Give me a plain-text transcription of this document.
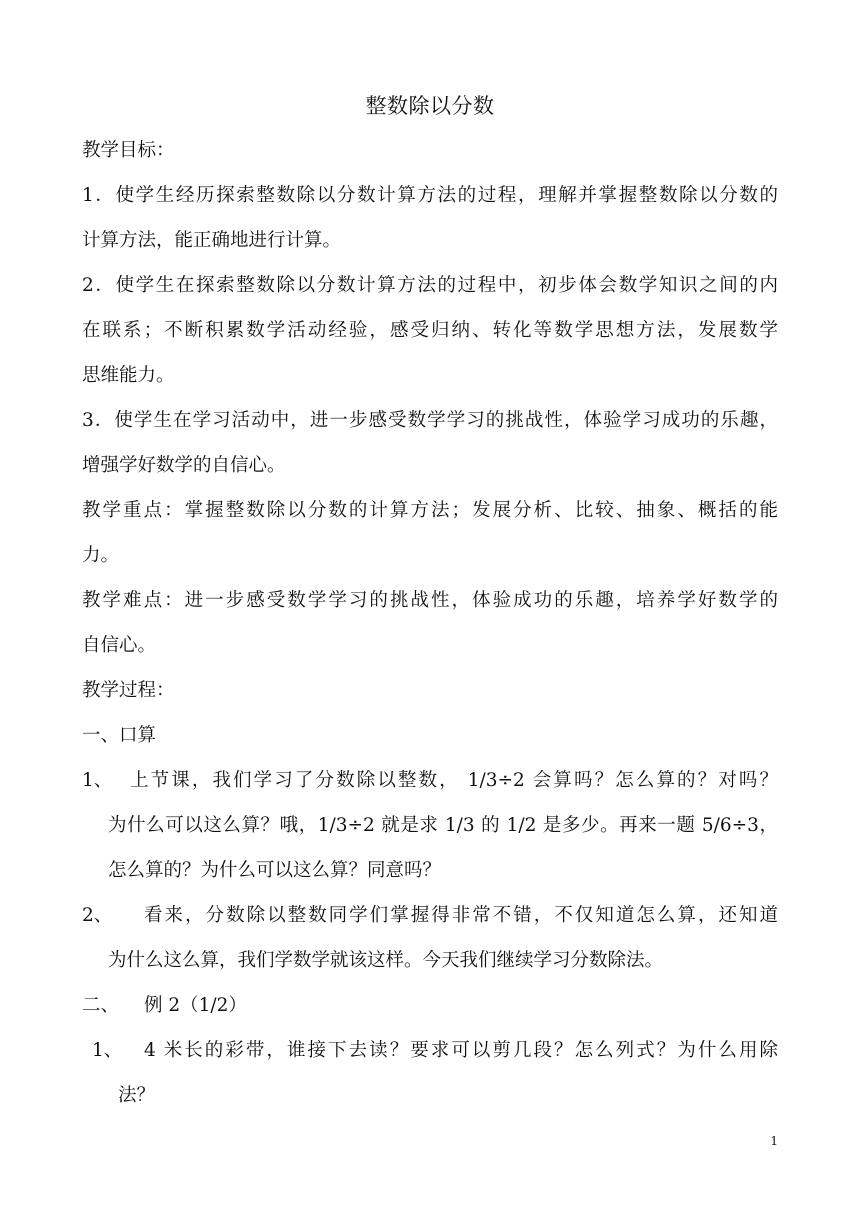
整数除以分数
教学目标：
1．使学生经历探索整数除以分数计算方法的过程，理解并掌握整数除以分数的
计算方法，能正确地进行计算。
2．使学生在探索整数除以分数计算方法的过程中，初步体会数学知识之间的内
在联系；不断积累数学活动经验，感受归纳、转化等数学思想方法，发展数学
思维能力。
3．使学生在学习活动中，进一步感受数学学习的挑战性，体验学习成功的乐趣，
增强学好数学的自信心。
教学重点：掌握整数除以分数的计算方法；发展分析、比较、抽象、概括的能
力。
教学难点：进一步感受数学学习的挑战性，体验成功的乐趣，培养学好数学的
自信心。
教学过程：
一、口算
1、 上节课，我们学习了分数除以整数， 1/3÷2 会算吗？怎么算的？对吗？
为什么可以这么算？哦，1/3÷2 就是求 1/3 的 1/2 是多少。再来一题 5/6÷3，
怎么算的？为什么可以这么算？同意吗？
2、 看来，分数除以整数同学们掌握得非常不错，不仅知道怎么算，还知道
为什么这么算，我们学数学就该这样。今天我们继续学习分数除法。
二、 例 2（1/2）
1、 4 米长的彩带，谁接下去读？要求可以剪几段？怎么列式？为什么用除
法？
1
